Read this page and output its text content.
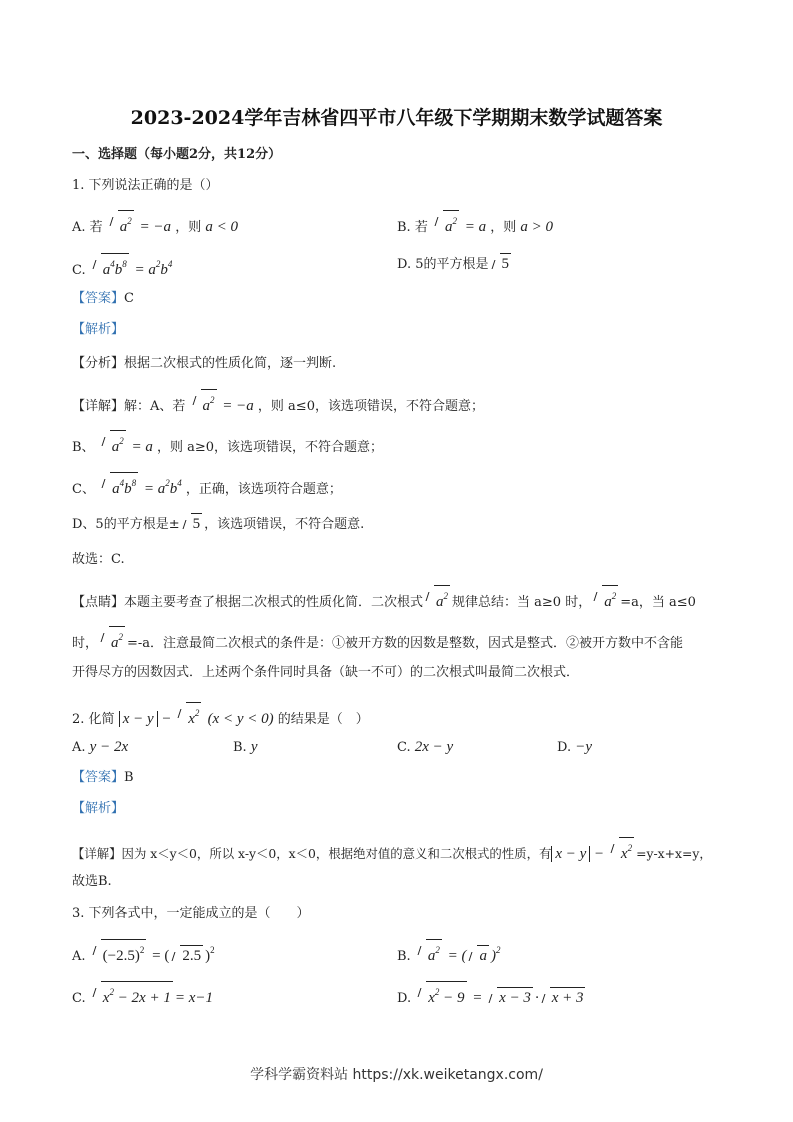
2023-2024学年吉林省四平市八年级下学期期末数学试题答案
一、选择题（每小题2分，共12分）
1. 下列说法正确的是（）
A. 若 $a^2 = -a$ ，则 a < 0	B. 若 $a^2 = a$ ，则 a > 0
C. $a^4b^8 = a^2b^4$	D. 5的平方根是 5
【答案】C
【解析】
【分析】根据二次根式的性质化简，逐一判断.
【详解】解：A、若 $a^2 = -a$ ，则 a≤0，该选项错误，不符合题意；
B、 $a^2 = a$ ，则 a≥0，该选项错误，不符合题意；
C、 $a^4b^8 = a^2b^4$ ，正确，该选项符合题意；
D、5的平方根是± 5 ，该选项错误，不符合题意.
故选：C.
【点睛】本题主要考查了根据二次根式的性质化简．二次根式 $a^2$ 规律总结：当 a≥0 时， $a^2 =a$，当 a≤0
时， $a^2 =-a$．注意最简二次根式的条件是：①被开方数的因数是整数，因式是整式．②被开方数中不含能
开得尽方的因数因式．上述两个条件同时具备（缺一不可）的二次根式叫最简二次根式．
2. 化简 $x - y - x^2$ (x < y < 0) 的结果是（　）
A. y − 2x	B. y	C. 2x − y	D. −y
【答案】B
【解析】
【详解】因为 x＜y＜0，所以 x-y＜0，x＜0，根据绝对值的意义和二次根式的性质，有 $x - y - x^2 =y-x+x=y$，
故选B.
3. 下列各式中，一定能成立的是（　　）
A. $(-2.5)^2$ = ( 2.5 )$^2$	B. $a^2$ = ( a )$^2$
C. $x^2 - 2x + 1 = x-1$	D. $x^2 - 9 = x - 3 \cdot x + 3$
学科学霸资料站 https://xk.weiketangx.com/
